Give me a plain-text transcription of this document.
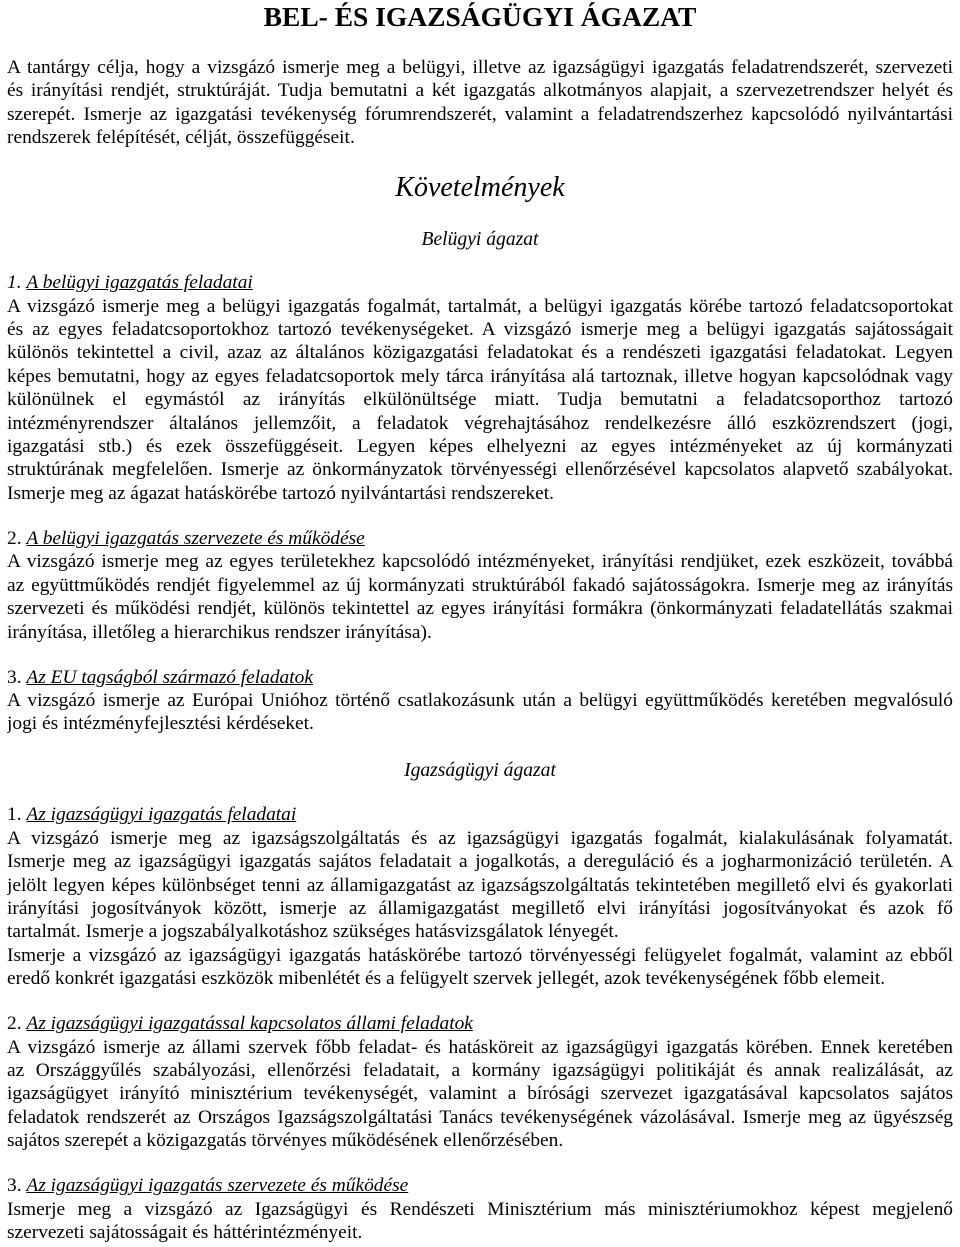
BEL- ÉS IGAZSÁGÜGYI ÁGAZAT
A tantárgy célja, hogy a vizsgázó ismerje meg a belügyi, illetve az igazságügyi igazgatás feladatrendszerét, szervezeti
és irányítási rendjét, struktúráját. Tudja bemutatni a két igazgatás alkotmányos alapjait, a szervezetrendszer helyét és
szerepét. Ismerje az igazgatási tevékenység fórumrendszerét, valamint a feladatrendszerhez kapcsolódó nyilvántartási
rendszerek felépítését, célját, összefüggéseit.
Követelmények
Belügyi ágazat
1. A belügyi igazgatás feladatai
A vizsgázó ismerje meg a belügyi igazgatás fogalmát, tartalmát, a belügyi igazgatás körébe tartozó feladatcsoportokat
és az egyes feladatcsoportokhoz tartozó tevékenységeket. A vizsgázó ismerje meg a belügyi igazgatás sajátosságait
különös tekintettel a civil, azaz az általános közigazgatási feladatokat és a rendészeti igazgatási feladatokat. Legyen
képes bemutatni, hogy az egyes feladatcsoportok mely tárca irányítása alá tartoznak, illetve hogyan kapcsolódnak vagy
különülnek el egymástól az irányítás elkülönültsége miatt. Tudja bemutatni a feladatcsoporthoz tartozó
intézményrendszer általános jellemzőit, a feladatok végrehajtásához rendelkezésre álló eszközrendszert (jogi,
igazgatási stb.) és ezek összefüggéseit. Legyen képes elhelyezni az egyes intézményeket az új kormányzati
struktúrának megfelelően. Ismerje az önkormányzatok törvényességi ellenőrzésével kapcsolatos alapvető szabályokat.
Ismerje meg az ágazat hatáskörébe tartozó nyilvántartási rendszereket.
2. A belügyi igazgatás szervezete és működése
A vizsgázó ismerje meg az egyes területekhez kapcsolódó intézményeket, irányítási rendjüket, ezek eszközeit, továbbá
az együttműködés rendjét figyelemmel az új kormányzati struktúrából fakadó sajátosságokra. Ismerje meg az irányítás
szervezeti és működési rendjét, különös tekintettel az egyes irányítási formákra (önkormányzati feladatellátás szakmai
irányítása, illetőleg a hierarchikus rendszer irányítása).
3. Az EU tagságból származó feladatok
A vizsgázó ismerje az Európai Unióhoz történő csatlakozásunk után a belügyi együttműködés keretében megvalósuló
jogi és intézményfejlesztési kérdéseket.
Igazságügyi ágazat
1. Az igazságügyi igazgatás feladatai
A vizsgázó ismerje meg az igazságszolgáltatás és az igazságügyi igazgatás fogalmát, kialakulásának folyamatát.
Ismerje meg az igazságügyi igazgatás sajátos feladatait a jogalkotás, a dereguláció és a jogharmonizáció területén. A
jelölt legyen képes különbséget tenni az államigazgatást az igazságszolgáltatás tekintetében megillető elvi és gyakorlati
irányítási jogosítványok között, ismerje az államigazgatást megillető elvi irányítási jogosítványokat és azok fő
tartalmát. Ismerje a jogszabályalkotáshoz szükséges hatásvizsgálatok lényegét.
Ismerje a vizsgázó az igazságügyi igazgatás hatáskörébe tartozó törvényességi felügyelet fogalmát, valamint az ebből
eredő konkrét igazgatási eszközök mibenlétét és a felügyelt szervek jellegét, azok tevékenységének főbb elemeit.
2. Az igazságügyi igazgatással kapcsolatos állami feladatok
A vizsgázó ismerje az állami szervek főbb feladat- és hatásköreit az igazságügyi igazgatás körében. Ennek keretében
az Országgyűlés szabályozási, ellenőrzési feladatait, a kormány igazságügyi politikáját és annak realizálását, az
igazságügyet irányító minisztérium tevékenységét, valamint a bírósági szervezet igazgatásával kapcsolatos sajátos
feladatok rendszerét az Országos Igazságszolgáltatási Tanács tevékenységének vázolásával. Ismerje meg az ügyészség
sajátos szerepét a közigazgatás törvényes működésének ellenőrzésében.
3. Az igazságügyi igazgatás szervezete és működése
Ismerje meg a vizsgázó az Igazságügyi és Rendészeti Minisztérium más minisztériumokhoz képest megjelenő
szervezeti sajátosságait és háttérintézményeit.
